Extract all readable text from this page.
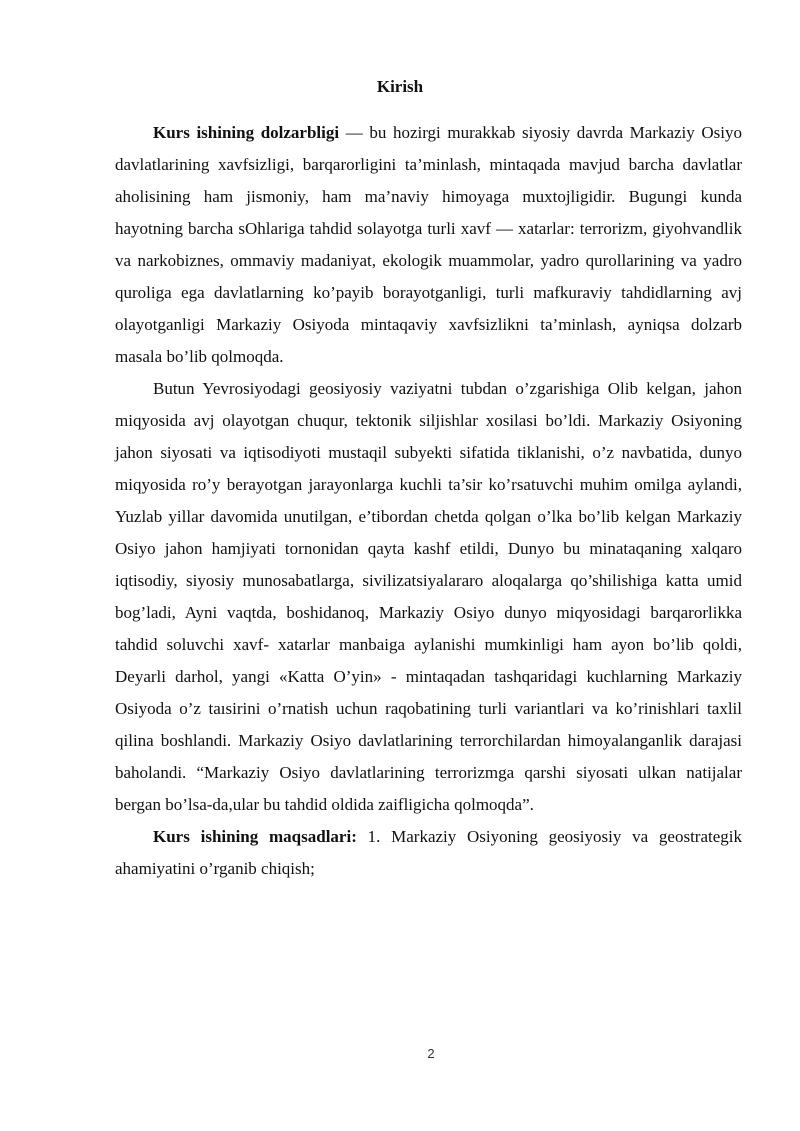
Kirish

Kurs ishining dolzarbligi — bu hozirgi murakkab siyosiy davrda Markaziy Osiyo davlatlarining xavfsizligi, barqarorligini ta’minlash, mintaqada mavjud barcha davlatlar aholisining ham jismoniy, ham ma’naviy himoyaga muxtojligidir. Bugungi kunda hayotning barcha sOhlariga tahdid solayotga turli xavf — xatarlar: terrorizm, giyohvandlik va narkobiznes, ommaviy madaniyat, ekologik muammolar, yadro qurollarining va yadro quroliga ega davlatlarning ko’payib borayotganligi, turli mafkuraviy tahdidlarning avj olayotganligi Markaziy Osiyoda mintaqaviy xavfsizlikni ta’minlash, ayniqsa dolzarb masala bo’lib qolmoqda.

Butun Yevrosiyodagi geosiyosiy vaziyatni tubdan o’zgarishiga Olib kelgan, jahon miqyosida avj olayotgan chuqur, tektonik siljishlar xosilasi bo’ldi. Markaziy Osiyoning jahon siyosati va iqtisodiyoti mustaqil subyekti sifatida tiklanishi, o’z navbatida, dunyo miqyosida ro’y berayotgan jarayonlarga kuchli ta’sir ko’rsatuvchi muhim omilga aylandi, Yuzlab yillar davomida unutilgan, e’tibordan chetda qolgan o’lka bo’lib kelgan Markaziy Osiyo jahon hamjiyati tornonidan qayta kashf etildi, Dunyo bu minataqaning xalqaro iqtisodiy, siyosiy munosabatlarga, sivilizatsiyalararo aloqalarga qo’shilishiga katta umid bog’ladi, Ayni vaqtda, boshidanoq, Markaziy Osiyo dunyo miqyosidagi barqarorlikka tahdid soluvchi xavf- xatarlar manbaiga aylanishi mumkinligi ham ayon bo’lib qoldi, Deyarli darhol, yangi «Katta O’yin» - mintaqadan tashqaridagi kuchlarning Markaziy Osiyoda o’z taısirini o’rnatish uchun raqobatining turli variantlari va ko’rinishlari taxlil qilina boshlandi. Markaziy Osiyo davlatlarining terrorchilardan himoyalanganlik darajasi baholandi. “Markaziy Osiyo davlatlarining terrorizmga qarshi siyosati ulkan natijalar bergan bo’lsa-da,ular bu tahdid oldida zaifligicha qolmoqda”.

Kurs ishining maqsadlari: 1. Markaziy Osiyoning geosiyosiy va geostrategik ahamiyatini o’rganib chiqish;

2
